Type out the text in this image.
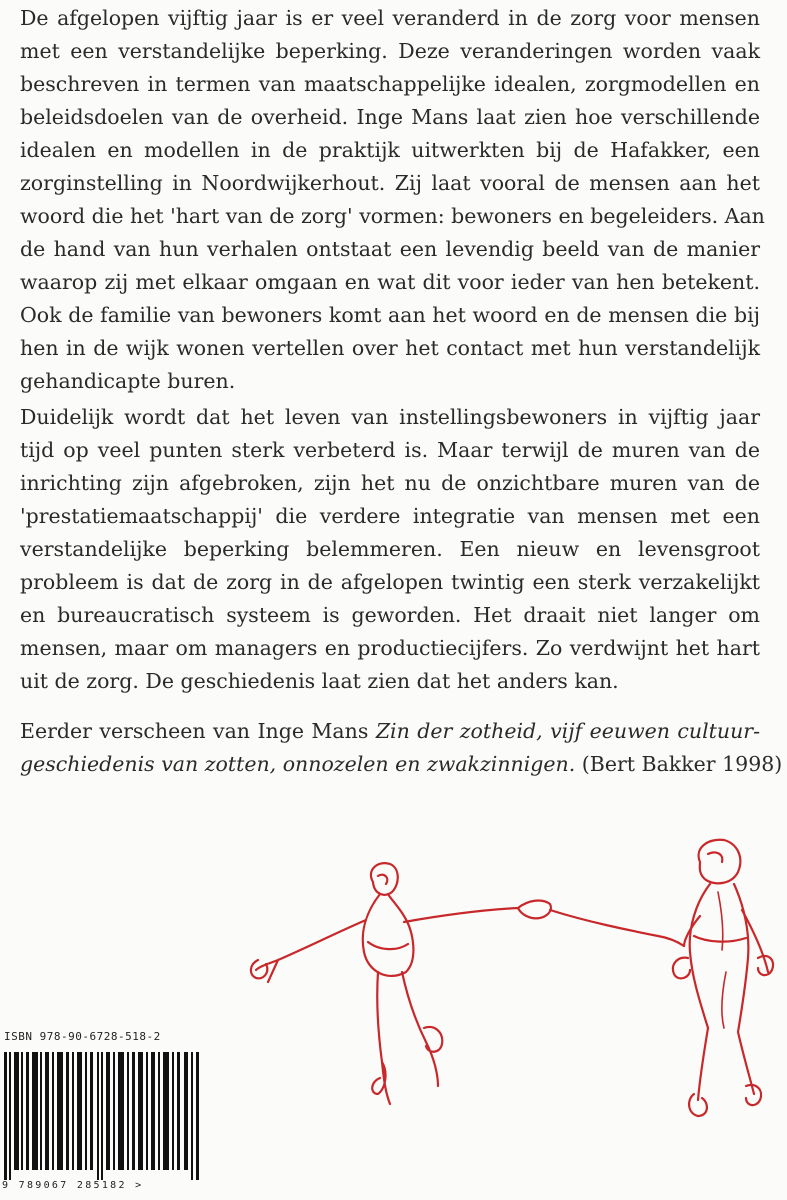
De afgelopen vijftig jaar is er veel veranderd in de zorg voor mensen
met een verstandelijke beperking. Deze veranderingen worden vaak
beschreven in termen van maatschappelijke idealen, zorgmodellen en
beleidsdoelen van de overheid. Inge Mans laat zien hoe verschillende
idealen en modellen in de praktijk uitwerkten bij de Hafakker, een
zorginstelling in Noordwijkerhout. Zij laat vooral de mensen aan het
woord die het 'hart van de zorg' vormen: bewoners en begeleiders. Aan
de hand van hun verhalen ontstaat een levendig beeld van de manier
waarop zij met elkaar omgaan en wat dit voor ieder van hen betekent.
Ook de familie van bewoners komt aan het woord en de mensen die bij
hen in de wijk wonen vertellen over het contact met hun verstandelijk
gehandicapte buren.
Duidelijk wordt dat het leven van instellingsbewoners in vijftig jaar
tijd op veel punten sterk verbeterd is. Maar terwijl de muren van de
inrichting zijn afgebroken, zijn het nu de onzichtbare muren van de
'prestatiemaatschappij' die verdere integratie van mensen met een
verstandelijke beperking belemmeren. Een nieuw en levensgroot
probleem is dat de zorg in de afgelopen twintig een sterk verzakelijkt
en bureaucratisch systeem is geworden. Het draait niet langer om
mensen, maar om managers en productiecijfers. Zo verdwijnt het hart
uit de zorg. De geschiedenis laat zien dat het anders kan.
Eerder verscheen van Inge Mans Zin der zotheid, vijf eeuwen cultuur-
geschiedenis van zotten, onnozelen en zwakzinnigen. (Bert Bakker 1998)
ISBN 978-90-6728-518-2
9 789067 285182 >
